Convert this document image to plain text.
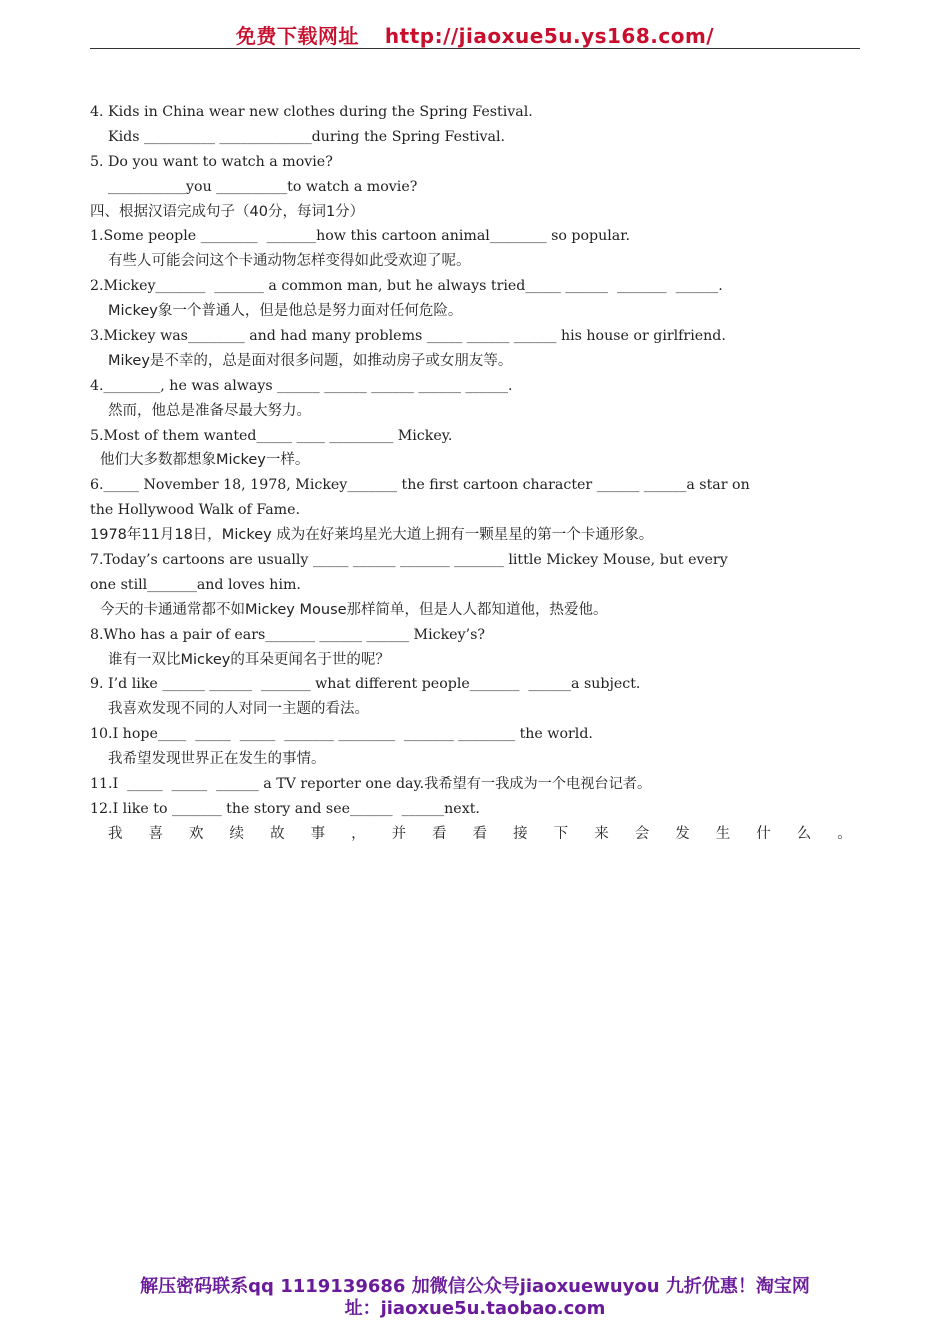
免费下载网址 http://jiaoxue5u.ys168.com/
4. Kids in China wear new clothes during the Spring Festival.
Kids __________ _____________during the Spring Festival.
5. Do you want to watch a movie?
___________you __________to watch a movie?
四、根据汉语完成句子（40分，每词1分）
1.Some people ________  _______how this cartoon animal________ so popular.
有些人可能会问这个卡通动物怎样变得如此受欢迎了呢。
2.Mickey_______  _______ a common man, but he always tried_____ ______  _______  ______.
Mickey象一个普通人，但是他总是努力面对任何危险。
3.Mickey was________ and had many problems _____ ______ ______ his house or girlfriend.
Mikey是不幸的，总是面对很多问题，如推动房子或女朋友等。
4.________, he was always ______ ______ ______ ______ ______.
然而，他总是准备尽最大努力。
5.Most of them wanted_____ ____ _________ Mickey.
他们大多数都想象Mickey一样。
6._____ November 18, 1978, Mickey_______ the first cartoon character ______ ______a star on
the Hollywood Walk of Fame.
1978年11月18日，Mickey 成为在好莱坞星光大道上拥有一颗星星的第一个卡通形象。
7.Today’s cartoons are usually _____ ______ _______ _______ little Mickey Mouse, but every
one still_______and loves him.
今天的卡通通常都不如Mickey Mouse那样简单，但是人人都知道他，热爱他。
8.Who has a pair of ears_______ ______ ______ Mickey’s?
谁有一双比Mickey的耳朵更闻名于世的呢？
9. I’d like ______ ______  _______ what different people_______  ______a subject.
我喜欢发现不同的人对同一主题的看法。
10.I hope____  _____  _____  _______ ________  _______ ________ the world.
我希望发现世界正在发生的事情。
11.I  _____  _____  ______ a TV reporter one day.我希望有一我成为一个电视台记者。
12.I like to _______ the story and see______  ______next.
我 喜 欢 续 故 事 ， 并 看 看 接 下 来 会 发 生 什 么 。
解压密码联系qq 1119139686 加微信公众号jiaoxuewuyou 九折优惠！淘宝网
址：jiaoxue5u.taobao.com
